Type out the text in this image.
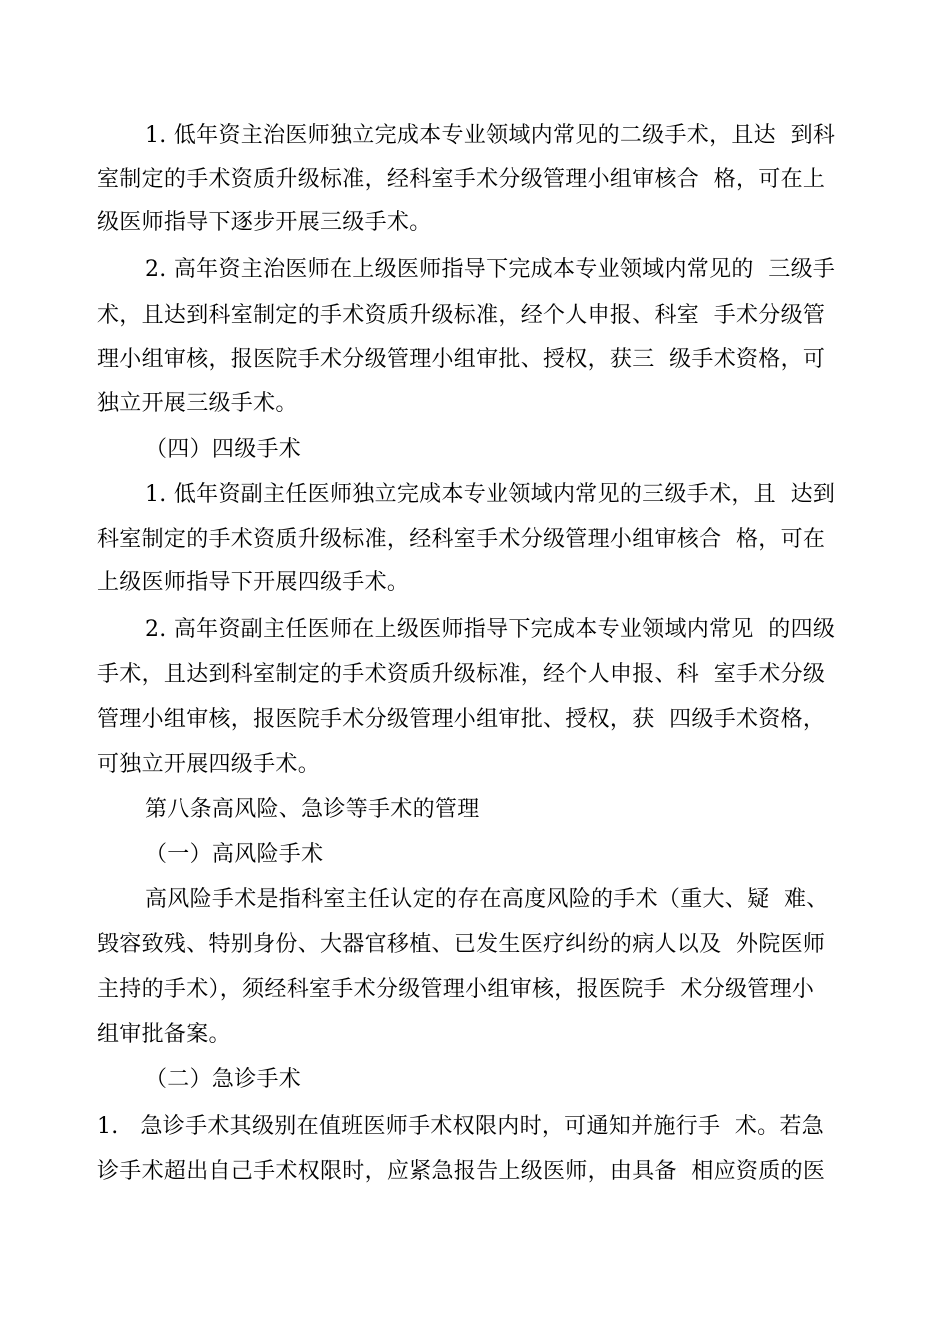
1. 低年资主治医师独立完成本专业领域内常见的二级手术，且达  到科
室制定的手术资质升级标准，经科室手术分级管理小组审核合  格，可在上
级医师指导下逐步开展三级手术。
2. 高年资主治医师在上级医师指导下完成本专业领域内常见的  三级手
术，且达到科室制定的手术资质升级标准，经个人申报、科室  手术分级管
理小组审核，报医院手术分级管理小组审批、授权，获三  级手术资格，可
独立开展三级手术。
（四）四级手术
1. 低年资副主任医师独立完成本专业领域内常见的三级手术，且  达到
科室制定的手术资质升级标准，经科室手术分级管理小组审核合  格，可在
上级医师指导下开展四级手术。
2. 高年资副主任医师在上级医师指导下完成本专业领域内常见  的四级
手术，且达到科室制定的手术资质升级标准，经个人申报、科  室手术分级
管理小组审核，报医院手术分级管理小组审批、授权，获  四级手术资格，
可独立开展四级手术。
第八条高风险、急诊等手术的管理
（一）高风险手术
高风险手术是指科室主任认定的存在高度风险的手术（重大、疑  难、
毁容致残、特别身份、大器官移植、已发生医疗纠纷的病人以及  外院医师
主持的手术），须经科室手术分级管理小组审核，报医院手  术分级管理小
组审批备案。
（二）急诊手术
1.   急诊手术其级别在值班医师手术权限内时，可通知并施行手  术。若急
诊手术超出自己手术权限时，应紧急报告上级医师，由具备  相应资质的医
